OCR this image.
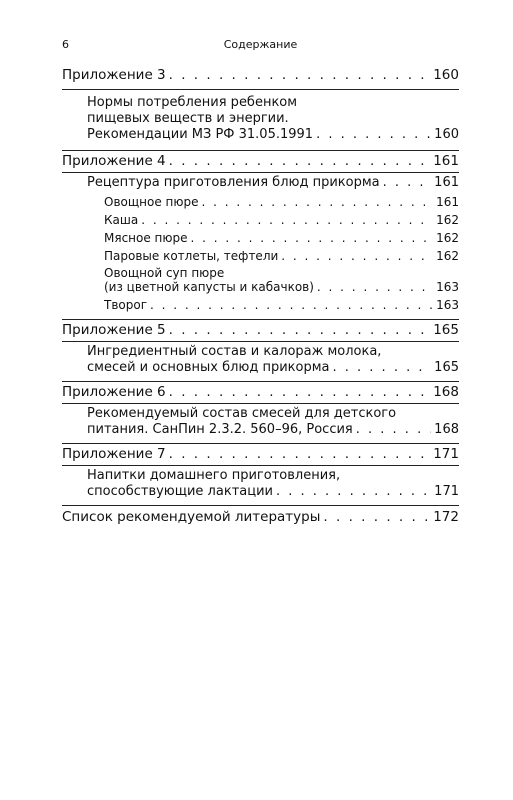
6	Содержание
Приложение 3 . . .	160
Нормы потребления ребенком
пищевых веществ и энергии.
Рекомендации МЗ РФ 31.05.1991 . . .	160
Приложение 4 . . .	161
Рецептура приготовления блюд прикорма . . .	161
Овощное пюре . . .	161
Каша . . .	162
Мясное пюре . . .	162
Паровые котлеты, тефтели . . .	162
Овощной суп пюре
(из цветной капусты и кабачков) . . .	163
Творог . . .	163
Приложение 5 . . .	165
Ингредиентный состав и калораж молока,
смесей и основных блюд прикорма . . .	165
Приложение 6 . . .	168
Рекомендуемый состав смесей для детского
питания. СанПин 2.3.2. 560–96, Россия . . .	168
Приложение 7 . . .	171
Напитки домашнего приготовления,
способствующие лактации . . .	171
Список рекомендуемой литературы . . .	172
